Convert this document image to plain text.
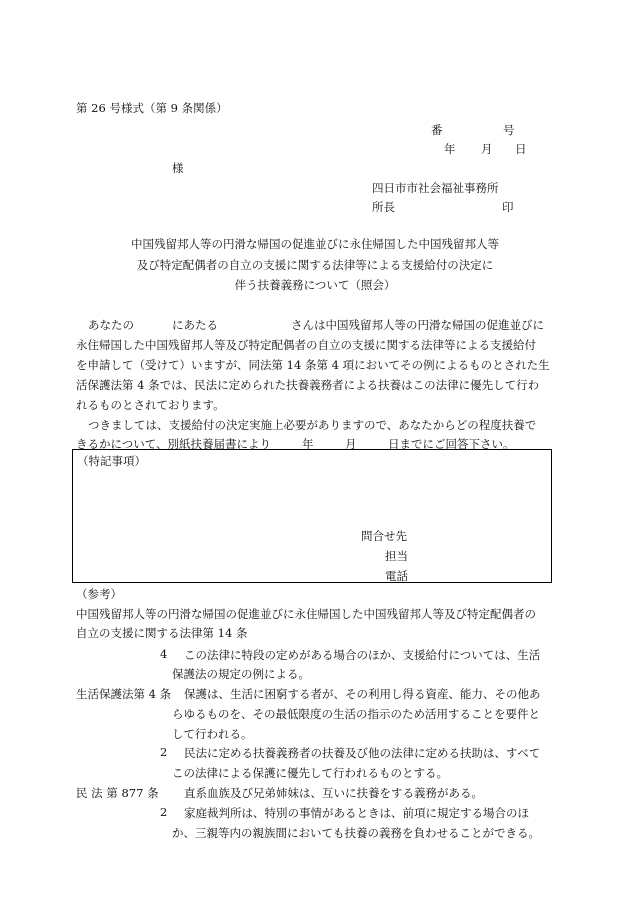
第 26 号様式（第 9 条関係）
番	号
年 月 日
様
四日市市社会福祉事務所
所長	印
中国残留邦人等の円滑な帰国の促進並びに永住帰国した中国残留邦人等
及び特定配偶者の自立の支援に関する法律等による支援給付の決定に
伴う扶養義務について（照会）
あなたの	にあたる	さんは中国残留邦人等の円滑な帰国の促進並びに
永住帰国した中国残留邦人等及び特定配偶者の自立の支援に関する法律等による支援給付
を申請して（受けて）いますが、同法第 14 条第 4 項においてその例によるものとされた生
活保護法第 4 条では、民法に定められた扶養義務者による扶養はこの法律に優先して行わ
れるものとされております。
つきましては、支援給付の決定実施上必要がありますので、あなたからどの程度扶養で
きるかについて、別紙扶養届書により	年	月	日までにご回答下さい。
（特記事項）
問合せ先
担当
電話
（参考）
中国残留邦人等の円滑な帰国の促進並びに永住帰国した中国残留邦人等及び特定配偶者の
自立の支援に関する法律第 14 条
4 この法律に特段の定めがある場合のほか、支援給付については、生活
保護法の規定の例による。
生活保護法第 4 条 保護は、生活に困窮する者が、その利用し得る資産、能力、その他あ
らゆるものを、その最低限度の生活の指示のため活用することを要件と
して行われる。
2 民法に定める扶養義務者の扶養及び他の法律に定める扶助は、すべて
この法律による保護に優先して行われるものとする。
民 法 第 877 条 直系血族及び兄弟姉妹は、互いに扶養をする義務がある。
2 家庭裁判所は、特別の事情があるときは、前項に規定する場合のほ
か、三親等内の親族間においても扶養の義務を負わせることができる。
